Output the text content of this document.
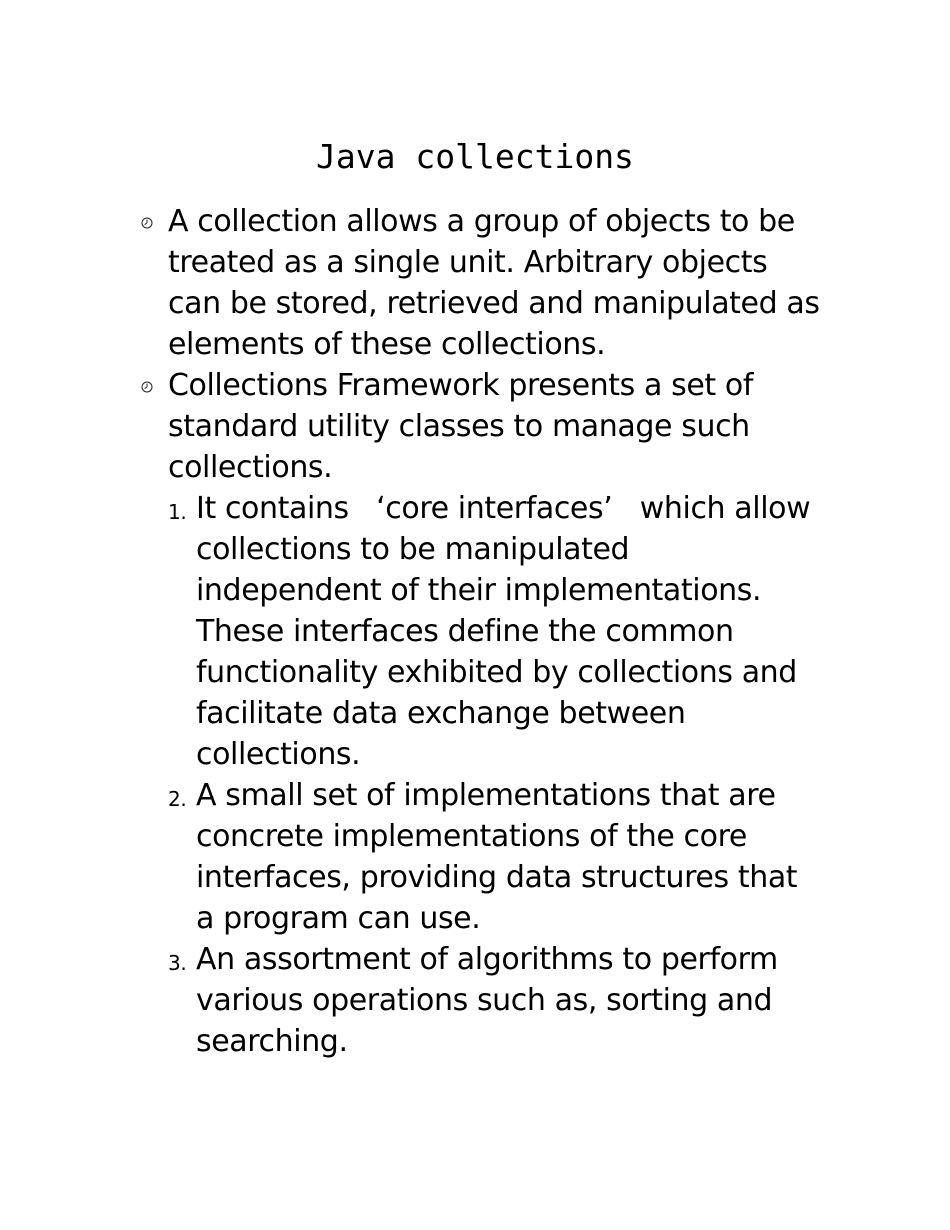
Java collections
A collection allows a group of objects to be treated as a single unit. Arbitrary objects can be stored, retrieved and manipulated as elements of these collections.
Collections Framework presents a set of standard utility classes to manage such collections.
1. It contains   ‘core interfaces’   which allow collections to be manipulated independent of their implementations. These interfaces define the common functionality exhibited by collections and facilitate data exchange between collections.
2. A small set of implementations that are concrete implementations of the core interfaces, providing data structures that a program can use.
3. An assortment of algorithms to perform various operations such as, sorting and searching.
